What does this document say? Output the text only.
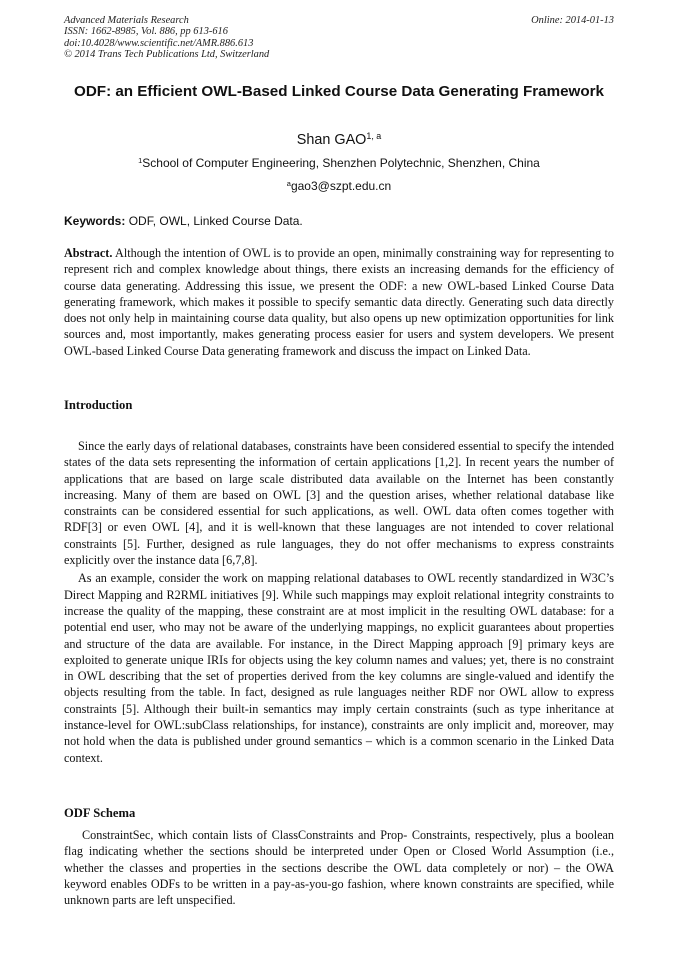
Advanced Materials Research
ISSN: 1662-8985, Vol. 886, pp 613-616
doi:10.4028/www.scientific.net/AMR.886.613
© 2014 Trans Tech Publications Ltd, Switzerland
Online: 2014-01-13
ODF: an Efficient OWL-Based Linked Course Data Generating Framework
Shan GAO$^{1, a}$
$^1$School of Computer Engineering, Shenzhen Polytechnic, Shenzhen, China
$^a$gao3@szpt.edu.cn
Keywords: ODF, OWL, Linked Course Data.

Abstract. Although the intention of OWL is to provide an open, minimally constraining way for representing to represent rich and complex knowledge about things, there exists an increasing demands for the efficiency of course data generating. Addressing this issue, we present the ODF: a new OWL-based Linked Course Data generating framework, which makes it possible to specify semantic data directly. Generating such data directly does not only help in maintaining course data quality, but also opens up new optimization opportunities for link sources and, most importantly, makes generating process easier for users and system developers. We present OWL-based Linked Course Data generating framework and discuss the impact on Linked Data.

Introduction

Since the early days of relational databases, constraints have been considered essential to specify the intended states of the data sets representing the information of certain applications [1,2]. In recent years the number of applications that are based on large scale distributed data available on the Internet has been constantly increasing. Many of them are based on OWL [3] and the question arises, whether relational database like constraints can be considered essential for such applications, as well. OWL data often comes together with RDF[3] or even OWL [4], and it is well-known that these languages are not intended to cover relational constraints [5]. Further, designed as rule languages, they do not offer mechanisms to express constraints explicitly over the instance data [6,7,8].

As an example, consider the work on mapping relational databases to OWL recently standardized in W3C’s Direct Mapping and R2RML initiatives [9]. While such mappings may exploit relational integrity constraints to increase the quality of the mapping, these constraint are at most implicit in the resulting OWL database: for a potential end user, who may not be aware of the underlying mappings, no explicit guarantees about properties and structure of the data are available. For instance, in the Direct Mapping approach [9] primary keys are exploited to generate unique IRIs for objects using the key column names and values; yet, there is no constraint in OWL describing that the set of properties derived from the key columns are single-valued and identify the objects resulting from the table. In fact, designed as rule languages neither RDF nor OWL allow to express constraints [5]. Although their built-in semantics may imply certain constraints (such as type inheritance at instance-level for OWL:subClass relationships, for instance), constraints are only implicit and, moreover, may not hold when the data is published under ground semantics – which is a common scenario in the Linked Data context.

ODF Schema

ConstraintSec, which contain lists of ClassConstraints and Prop- Constraints, respectively, plus a boolean flag indicating whether the sections should be interpreted under Open or Closed World Assumption (i.e., whether the classes and properties in the sections describe the OWL data completely or nor) – the OWA keyword enables ODFs to be written in a pay-as-you-go fashion, where known constraints are specified, while unknown parts are left unspecified.
